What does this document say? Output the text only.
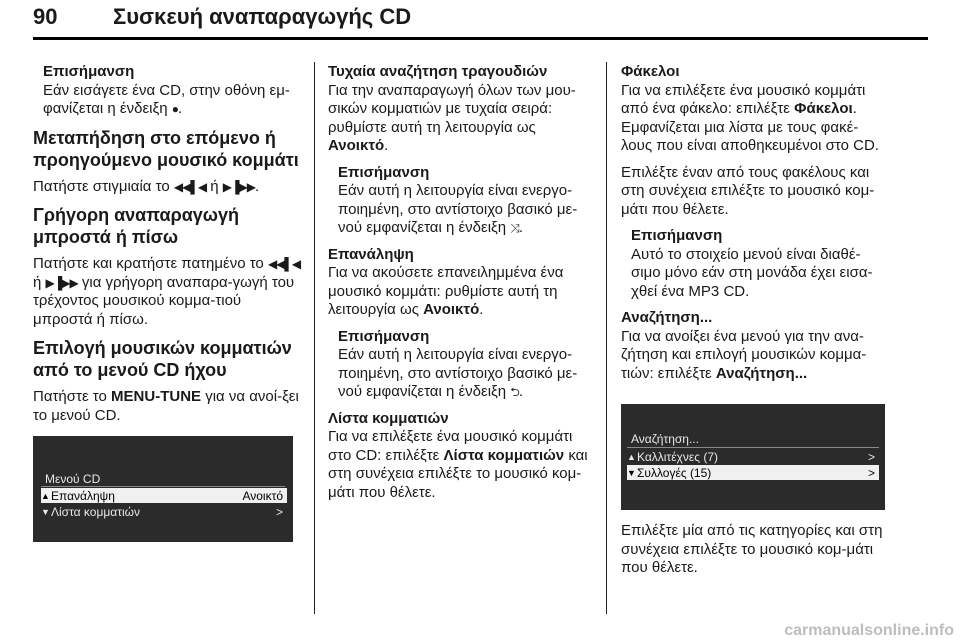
90	Συσκευή αναπαραγωγής CD
Επισήμανση
Εάν εισάγετε ένα CD, στην οθόνη εμ-φανίζεται η ένδειξη ●.
Μεταπήδηση στο επόμενο ή προηγούμενο μουσικό κομμάτι

Πατήστε στιγμιαία το ◀◀▌◀ ή ▶▐▶▶.

Γρήγορη αναπαραγωγή μπροστά ή πίσω

Πατήστε και κρατήστε πατημένο το ◀◀▌◀ ή ▶▐▶▶ για γρήγορη αναπαρα-γωγή του τρέχοντος μουσικού κομμα-τιού μπροστά ή πίσω.

Επιλογή μουσικών κομματιών από το μενού CD ήχου

Πατήστε το MENU-TUNE για να ανοί-ξει το μενού CD.

Μενού CD
▲ Επανάληψη	Ανοικτό
▼ Λίστα κομματιών	>
Τυχαία αναζήτηση τραγουδιών

Για την αναπαραγωγή όλων των μου-σικών κομματιών με τυχαία σειρά: ρυθμίστε αυτή τη λειτουργία ως Ανοικτό.

Επισήμανση
Εάν αυτή η λειτουργία είναι ενεργο-ποιημένη, στο αντίστοιχο βασικό με-νού εμφανίζεται η ένδειξη ⤨.
Επανάληψη

Για να ακούσετε επανειλημμένα ένα μουσικό κομμάτι: ρυθμίστε αυτή τη λειτουργία ως Ανοικτό.

Επισήμανση
Εάν αυτή η λειτουργία είναι ενεργο-ποιημένη, στο αντίστοιχο βασικό με-νού εμφανίζεται η ένδειξη ⮌.
Λίστα κομματιών

Για να επιλέξετε ένα μουσικό κομμάτι στο CD: επιλέξτε Λίστα κομματιών και στη συνέχεια επιλέξτε το μουσικό κομ-μάτι που θέλετε.

Φάκελοι

Για να επιλέξετε ένα μουσικό κομμάτι από ένα φάκελο: επιλέξτε Φάκελοι. Εμφανίζεται μια λίστα με τους φακέ-λους που είναι αποθηκευμένοι στο CD.

Επιλέξτε έναν από τους φακέλους και στη συνέχεια επιλέξτε το μουσικό κομ-μάτι που θέλετε.

Επισήμανση
Αυτό το στοιχείο μενού είναι διαθέ-σιμο μόνο εάν στη μονάδα έχει εισα-χθεί ένα MP3 CD.
Αναζήτηση...

Για να ανοίξει ένα μενού για την ανα-ζήτηση και επιλογή μουσικών κομμα-τιών: επιλέξτε Αναζήτηση...

Αναζήτηση...
▲ Καλλιτέχνες (7)	>
▼ Συλλογές (15)	>
Επιλέξτε μία από τις κατηγορίες και στη συνέχεια επιλέξτε το μουσικό κομ-μάτι που θέλετε.
carmanualsonline.info
